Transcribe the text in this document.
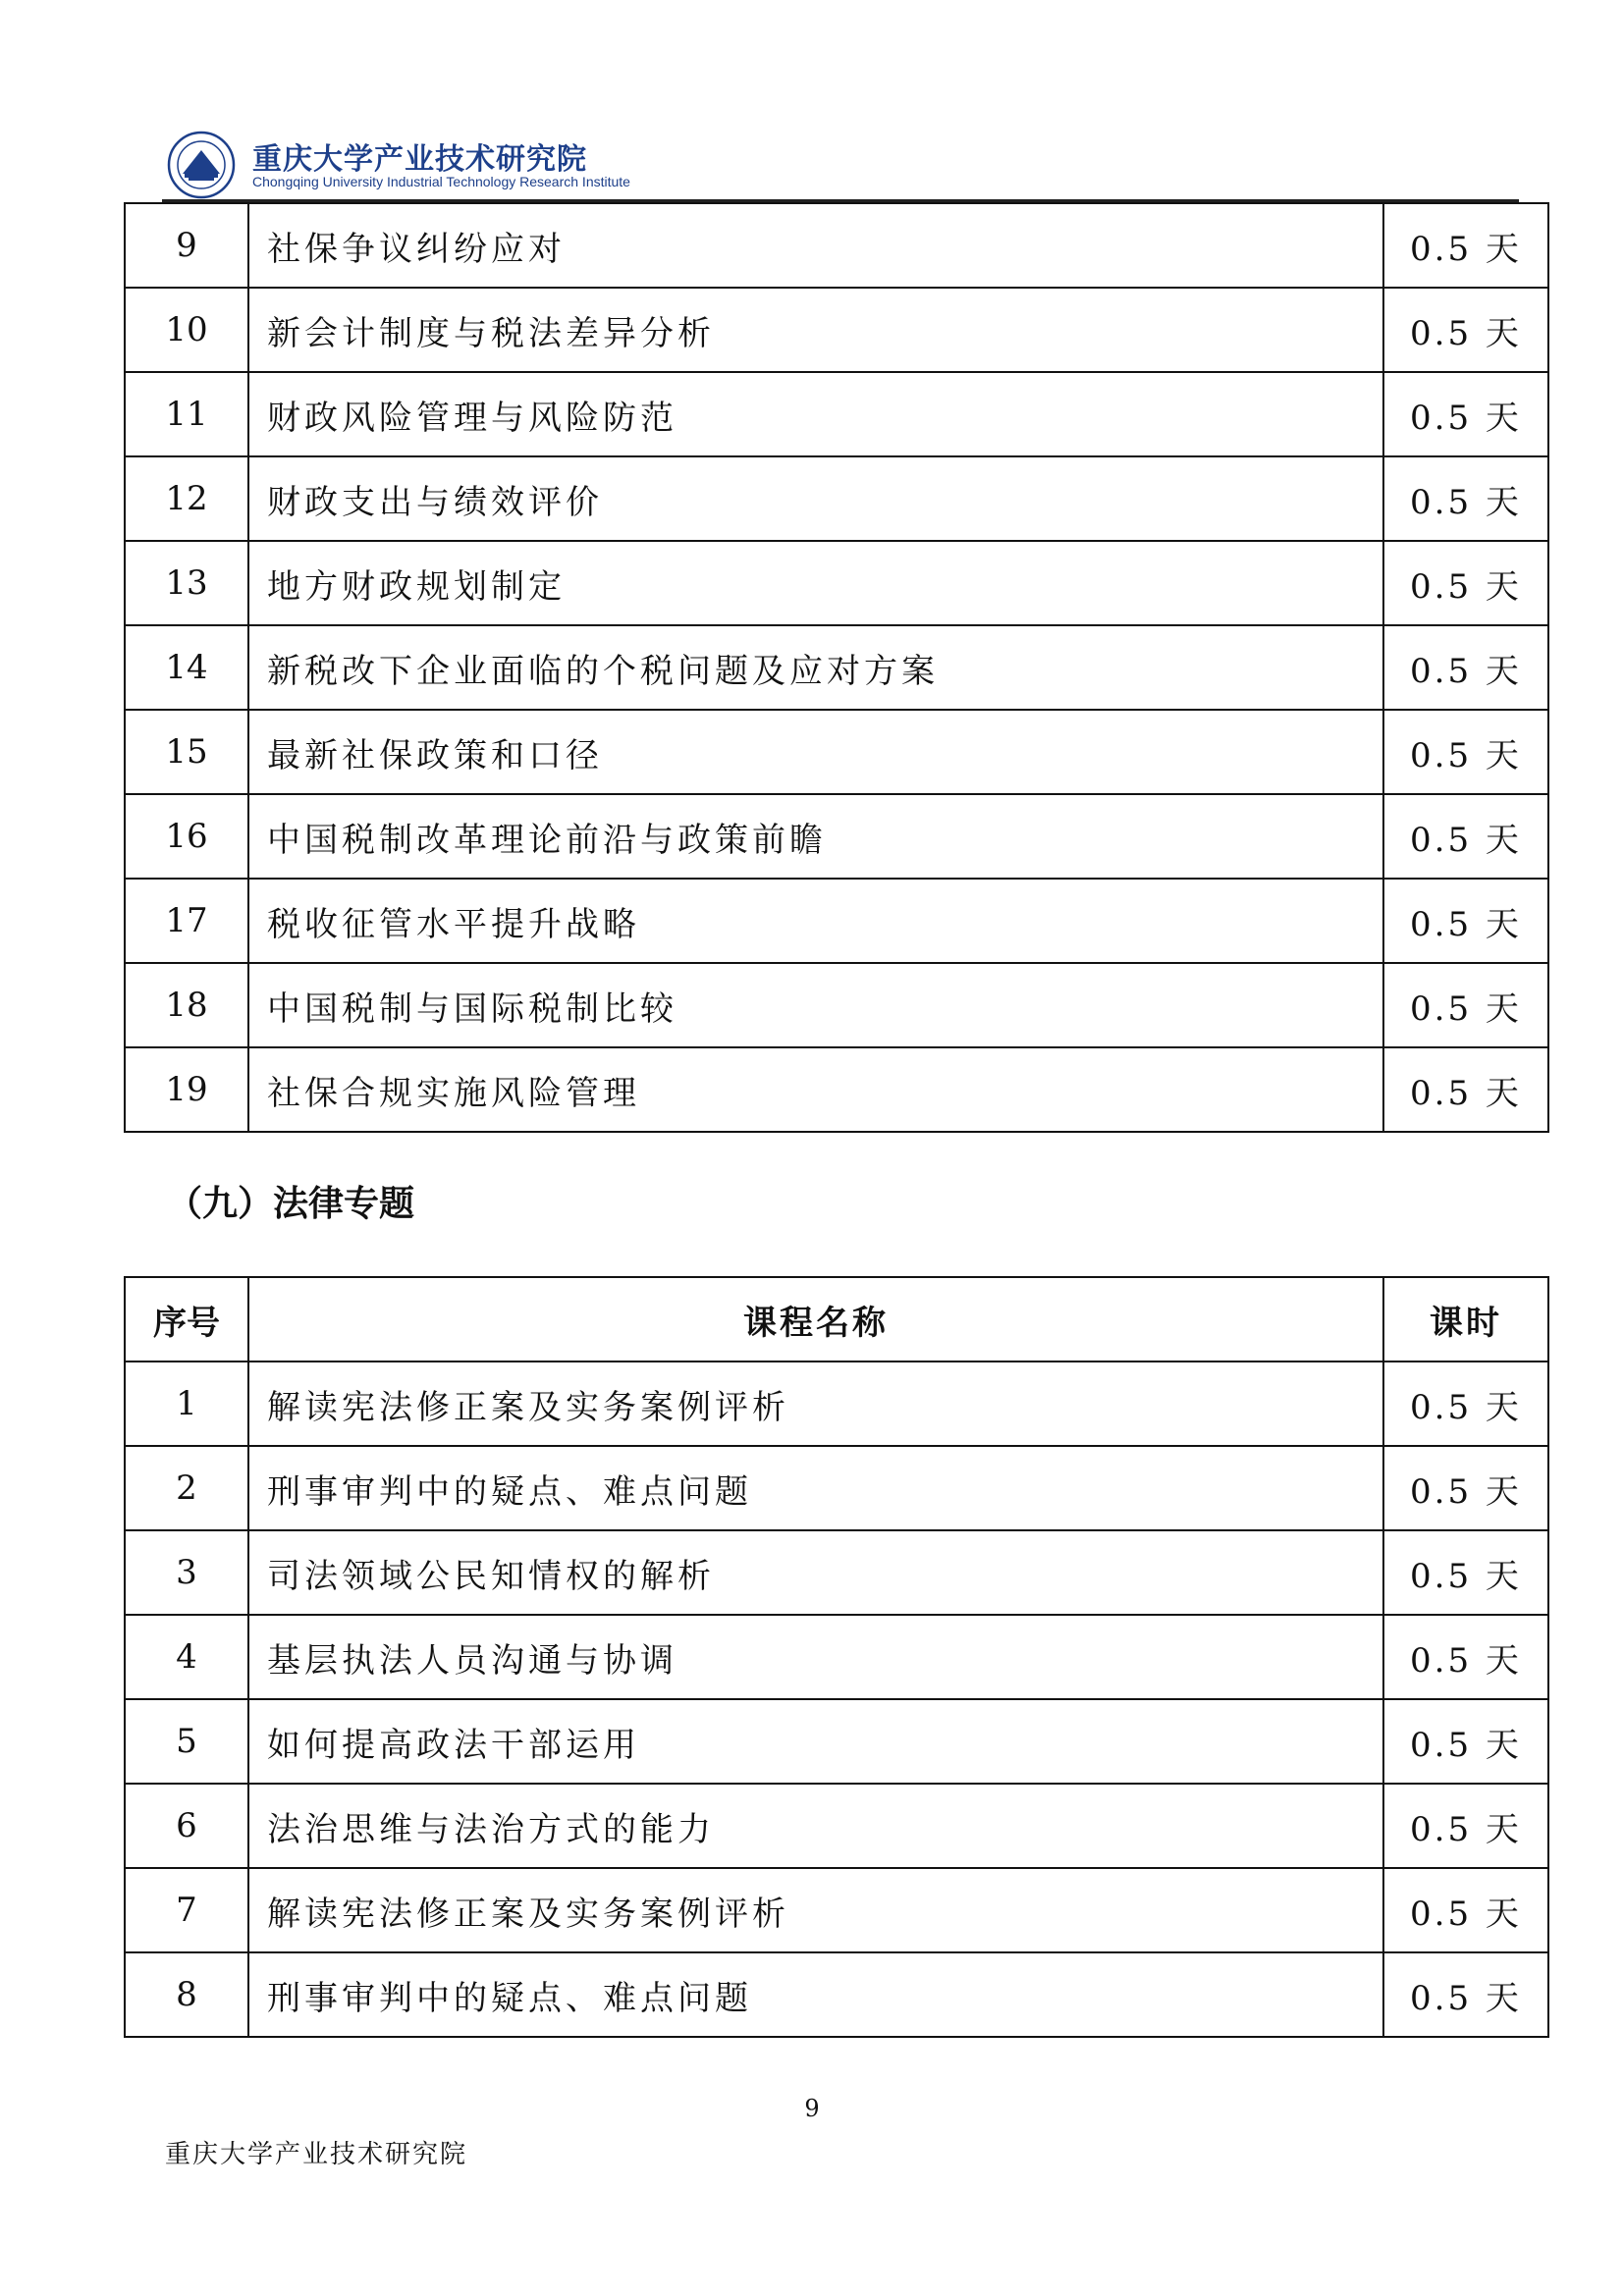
重庆大学产业技术研究院
Chongqing University Industrial Technology Research Institute
9	社保争议纠纷应对	0.5 天
10	新会计制度与税法差异分析	0.5 天
11	财政风险管理与风险防范	0.5 天
12	财政支出与绩效评价	0.5 天
13	地方财政规划制定	0.5 天
14	新税改下企业面临的个税问题及应对方案	0.5 天
15	最新社保政策和口径	0.5 天
16	中国税制改革理论前沿与政策前瞻	0.5 天
17	税收征管水平提升战略	0.5 天
18	中国税制与国际税制比较	0.5 天
19	社保合规实施风险管理	0.5 天
（九）法律专题
序号	课程名称	课时
1	解读宪法修正案及实务案例评析	0.5 天
2	刑事审判中的疑点、难点问题	0.5 天
3	司法领域公民知情权的解析	0.5 天
4	基层执法人员沟通与协调	0.5 天
5	如何提高政法干部运用	0.5 天
6	法治思维与法治方式的能力	0.5 天
7	解读宪法修正案及实务案例评析	0.5 天
8	刑事审判中的疑点、难点问题	0.5 天
9
重庆大学产业技术研究院
